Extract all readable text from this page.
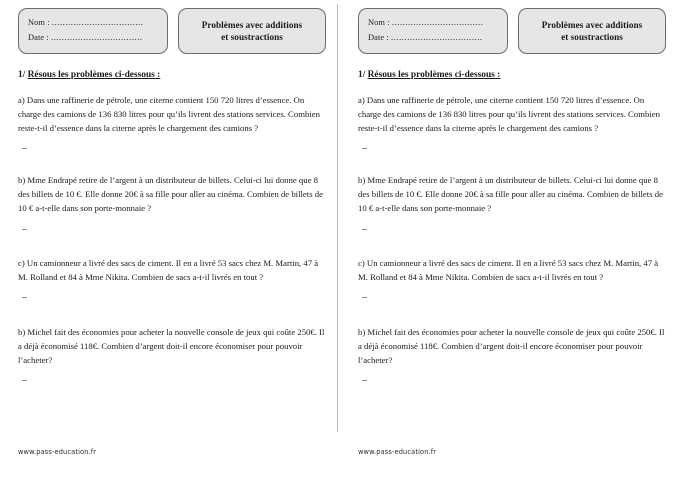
Nom : ..................................
Date : ..................................
Problèmes avec additions
et soustractions
1/ Résous les problèmes ci-dessous :

a) Dans une raffinerie de pétrole, une citerne contient 150 720 litres d’essence. On charge des camions de 136 830 litres pour qu’ils livrent des stations services. Combien reste-t-il d’essence dans la citerne après le chargement des camions ?

b) Mme Endrapé retire de l’argent à un distributeur de billets. Celui-ci lui donne que 8 des billets de 10 €. Elle donne 20€ à sa fille pour aller au cinéma. Combien de billets de 10 € a-t-elle dans son porte-monnaie ?

c) Un camionneur a livré des sacs de ciment. Il en a livré 53 sacs chez M. Martin, 47 à M. Rolland et 84 à Mme Nikita. Combien de sacs a-t-il livrés en tout ?

b) Michel fait des économies pour acheter la nouvelle console de jeux qui coûte 250€. Il a déjà économisé 118€. Combien d’argent doit-il encore économiser pour pouvoir l’acheter?

www.pass-education.fr
Nom : ..................................
Date : ..................................
Problèmes avec additions
et soustractions
1/ Résous les problèmes ci-dessous :

a) Dans une raffinerie de pétrole, une citerne contient 150 720 litres d’essence. On charge des camions de 136 830 litres pour qu’ils livrent des stations services. Combien reste-t-il d’essence dans la citerne après le chargement des camions ?

b) Mme Endrapé retire de l’argent à un distributeur de billets. Celui-ci lui donne que 8 des billets de 10 €. Elle donne 20€ à sa fille pour aller au cinéma. Combien de billets de 10 € a-t-elle dans son porte-monnaie ?

c) Un camionneur a livré des sacs de ciment. Il en a livré 53 sacs chez M. Martin, 47 à M. Rolland et 84 à Mme Nikita. Combien de sacs a-t-il livrés en tout ?

b) Michel fait des économies pour acheter la nouvelle console de jeux qui coûte 250€. Il a déjà économisé 118€. Combien d’argent doit-il encore économiser pour pouvoir l’acheter?

www.pass-education.fr
